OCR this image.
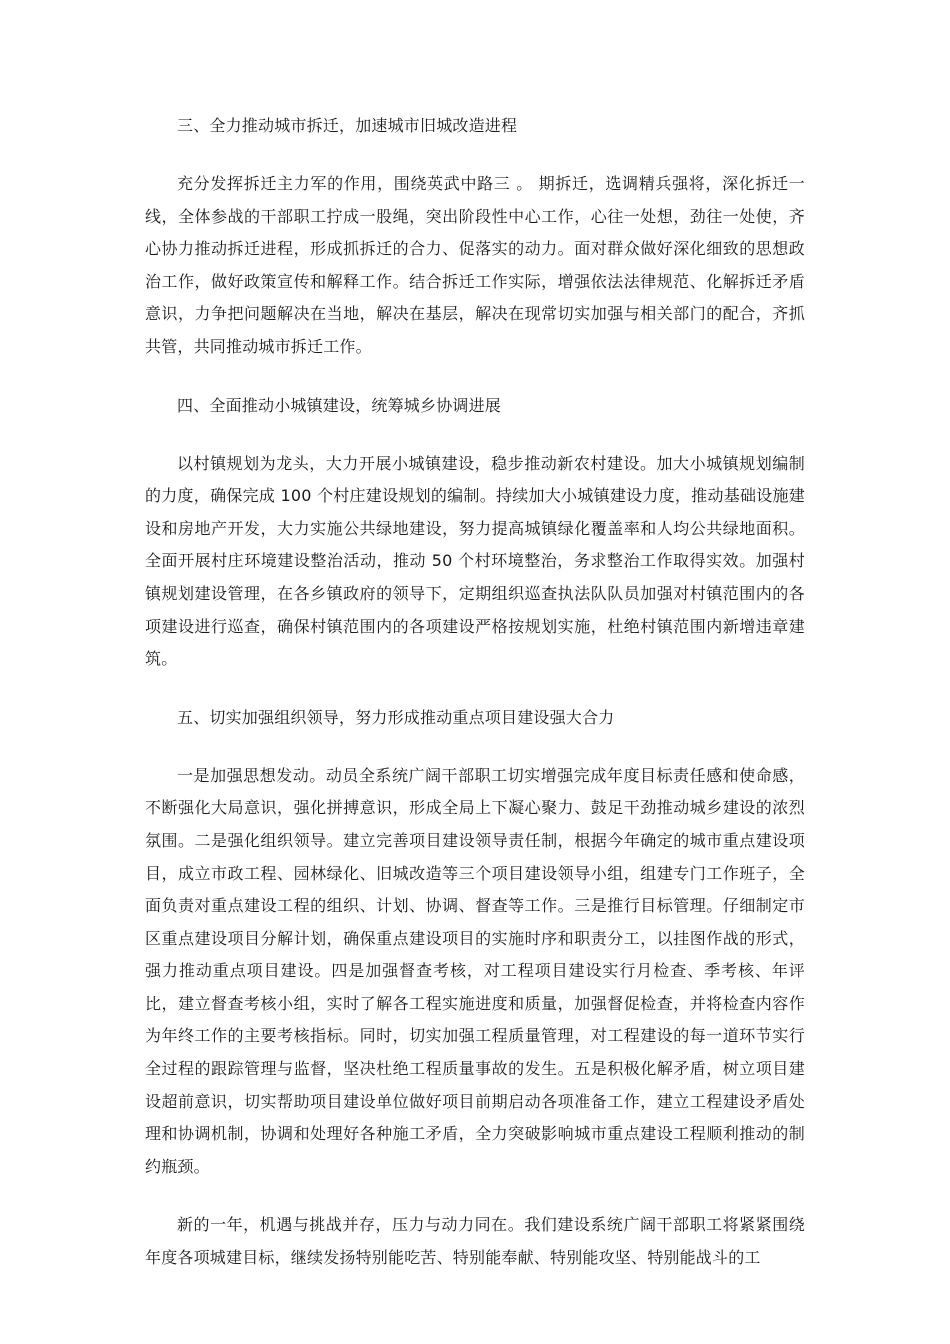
三、全力推动城市拆迁，加速城市旧城改造进程

充分发挥拆迁主力军的作用，围绕英武中路三 。 期拆迁，选调精兵强将，深化拆迁一线，全体参战的干部职工拧成一股绳，突出阶段性中心工作，心往一处想，劲往一处使，齐心协力推动拆迁进程，形成抓拆迁的合力、促落实的动力。面对群众做好深化细致的思想政治工作，做好政策宣传和解释工作。结合拆迁工作实际，增强依法法律规范、化解拆迁矛盾意识，力争把问题解决在当地，解决在基层，解决在现常切实加强与相关部门的配合，齐抓共管，共同推动城市拆迁工作。

四、全面推动小城镇建设，统筹城乡协调进展

以村镇规划为龙头，大力开展小城镇建设，稳步推动新农村建设。加大小城镇规划编制的力度，确保完成 100 个村庄建设规划的编制。持续加大小城镇建设力度，推动基础设施建设和房地产开发，大力实施公共绿地建设，努力提高城镇绿化覆盖率和人均公共绿地面积。全面开展村庄环境建设整治活动，推动 50 个村环境整治，务求整治工作取得实效。加强村镇规划建设管理，在各乡镇政府的领导下，定期组织巡查执法队队员加强对村镇范围内的各项建设进行巡查，确保村镇范围内的各项建设严格按规划实施，杜绝村镇范围内新增违章建筑。

五、切实加强组织领导，努力形成推动重点项目建设强大合力

一是加强思想发动。动员全系统广阔干部职工切实增强完成年度目标责任感和使命感，不断强化大局意识，强化拼搏意识，形成全局上下凝心聚力、鼓足干劲推动城乡建设的浓烈氛围。二是强化组织领导。建立完善项目建设领导责任制，根据今年确定的城市重点建设项目，成立市政工程、园林绿化、旧城改造等三个项目建设领导小组，组建专门工作班子，全面负责对重点建设工程的组织、计划、协调、督查等工作。三是推行目标管理。仔细制定市区重点建设项目分解计划，确保重点建设项目的实施时序和职责分工，以挂图作战的形式，强力推动重点项目建设。四是加强督查考核，对工程项目建设实行月检查、季考核、年评比，建立督查考核小组，实时了解各工程实施进度和质量，加强督促检查，并将检查内容作为年终工作的主要考核指标。同时，切实加强工程质量管理，对工程建设的每一道环节实行全过程的跟踪管理与监督，坚决杜绝工程质量事故的发生。五是积极化解矛盾，树立项目建设超前意识，切实帮助项目建设单位做好项目前期启动各项准备工作，建立工程建设矛盾处理和协调机制，协调和处理好各种施工矛盾，全力突破影响城市重点建设工程顺利推动的制约瓶颈。

新的一年，机遇与挑战并存，压力与动力同在。我们建设系统广阔干部职工将紧紧围绕年度各项城建目标，继续发扬特别能吃苦、特别能奉献、特别能攻坚、特别能战斗的工
